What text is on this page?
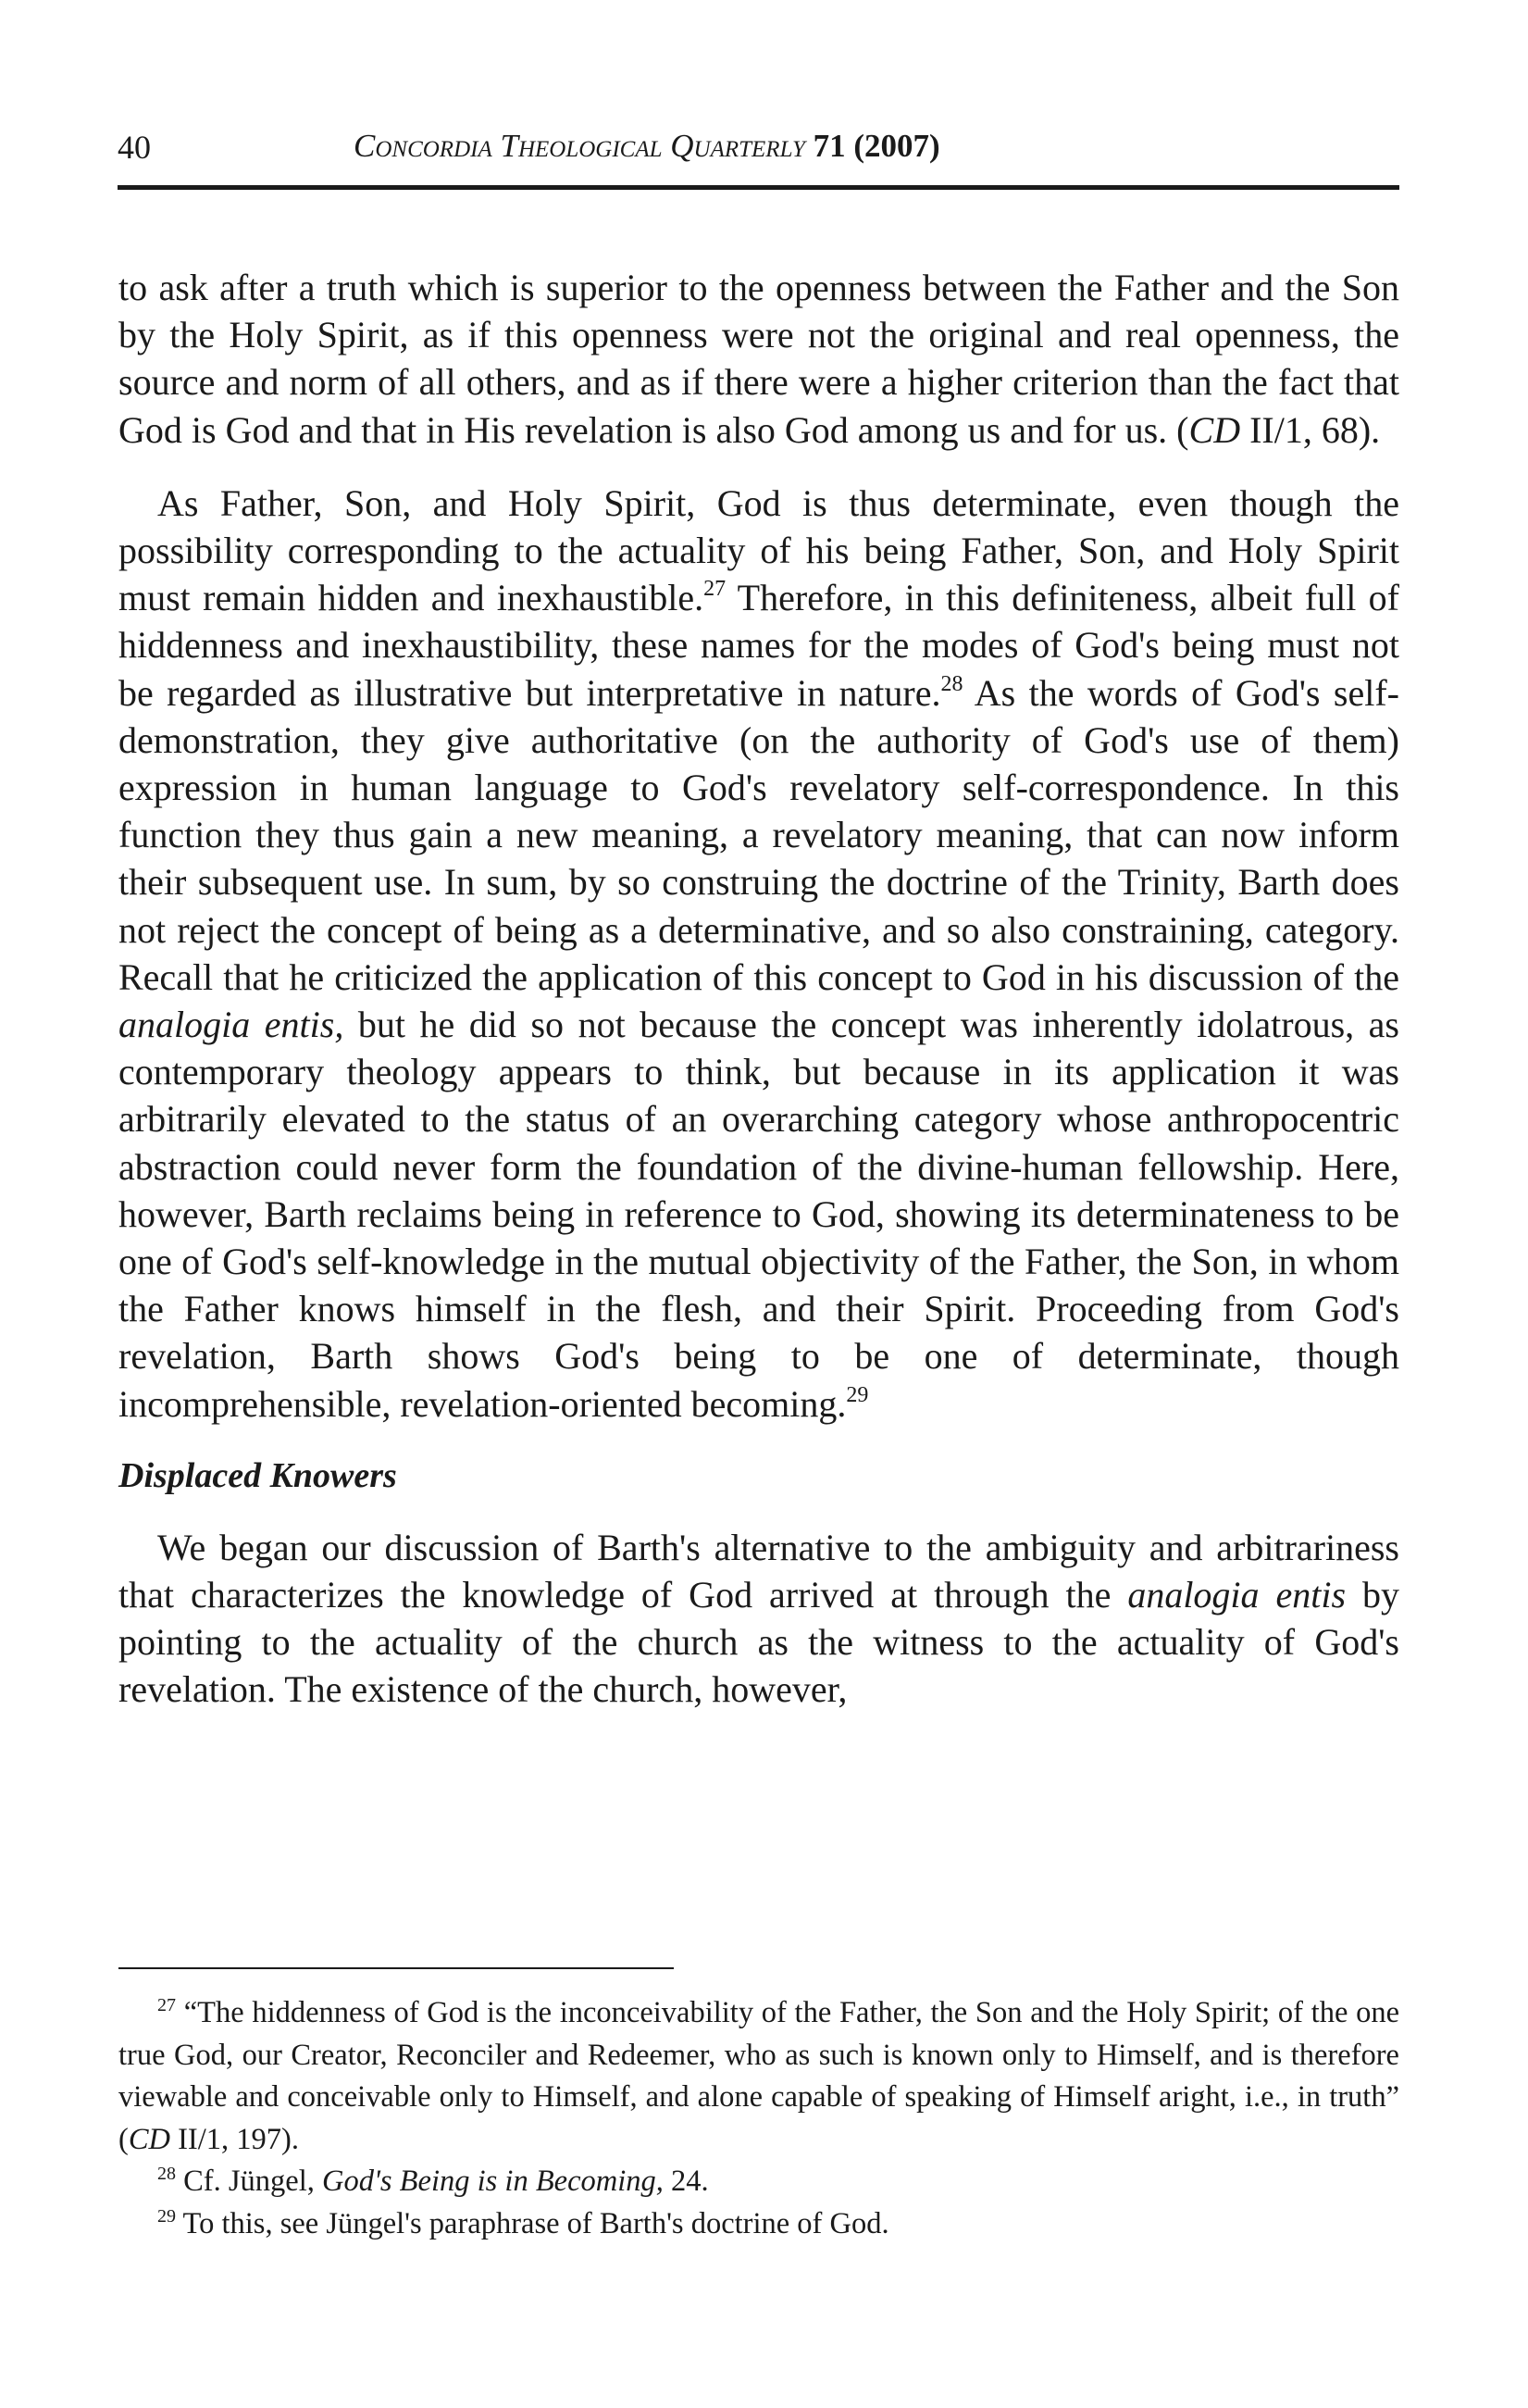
40	Concordia Theological Quarterly 71 (2007)

to ask after a truth which is superior to the openness between the Father and the Son by the Holy Spirit, as if this openness were not the original and real openness, the source and norm of all others, and as if there were a higher criterion than the fact that God is God and that in His revelation is also God among us and for us. (CD II/1, 68).

As Father, Son, and Holy Spirit, God is thus determinate, even though the possibility corresponding to the actuality of his being Father, Son, and Holy Spirit must remain hidden and inexhaustible.$^{27}$ Therefore, in this definiteness, albeit full of hiddenness and inexhaustibility, these names for the modes of God's being must not be regarded as illustrative but interpretative in nature.$^{28}$ As the words of God's self-demonstration, they give authoritative (on the authority of God's use of them) expression in human language to God's revelatory self-correspondence. In this function they thus gain a new meaning, a revelatory meaning, that can now inform their subsequent use. In sum, by so construing the doctrine of the Trinity, Barth does not reject the concept of being as a determinative, and so also constraining, category. Recall that he criticized the application of this concept to God in his discussion of the analogia entis, but he did so not because the concept was inherently idolatrous, as contemporary theology appears to think, but because in its application it was arbitrarily elevated to the status of an overarching category whose anthropocentric abstraction could never form the foundation of the divine-human fellowship. Here, however, Barth reclaims being in reference to God, showing its determinateness to be one of God's self-knowledge in the mutual objectivity of the Father, the Son, in whom the Father knows himself in the flesh, and their Spirit. Proceeding from God's revelation, Barth shows God's being to be one of determinate, though incomprehensible, revelation-oriented becoming.$^{29}$

Displaced Knowers

We began our discussion of Barth's alternative to the ambiguity and arbitrariness that characterizes the knowledge of God arrived at through the analogia entis by pointing to the actuality of the church as the witness to the actuality of God's revelation. The existence of the church, however,

$^{27}$ “The hiddenness of God is the inconceivability of the Father, the Son and the Holy Spirit; of the one true God, our Creator, Reconciler and Redeemer, who as such is known only to Himself, and is therefore viewable and conceivable only to Himself, and alone capable of speaking of Himself aright, i.e., in truth” (CD II/1, 197).

$^{28}$ Cf. Jüngel, God's Being is in Becoming, 24.

$^{29}$ To this, see Jüngel's paraphrase of Barth's doctrine of God.
